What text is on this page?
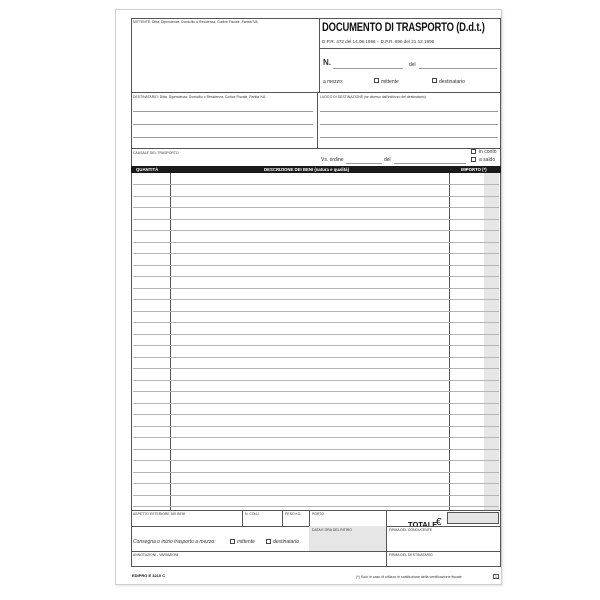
MITTENTE: Ditta, Dipendenza, Domicilio o Residenza, Codice Fiscale, Partita IVA	DOCUMENTO DI TRASPORTO (D.d.t.)
D.P.R. 472 del 14.08.1996 – D.P.R. 696 del 21.12.1996
N.	del
a mezzo:	mittente	destinatario
DESTINATARIO: Ditta, Dipendenza, Domicilio o Residenza, Codice Fiscale, Partita IVA	LUOGO DI DESTINAZIONE (se diverso dall'indirizzo del destinatario)
CAUSALE DEL TRASPORTO
Vs. ordine	del
in conto
a saldo
QUANTITÀ	DESCRIZIONE DEI BENI (natura e qualità)	IMPORTO (*)
ASPETTO ESTERIORE DEI BENI	N. COLLI	PESO KG.	PORTO
TOTALE
€
DATA E ORA DEL RITIRO	FIRMA DEL CONDUCENTE
Consegna o inizio trasporto a mezzo:	mittente	destinatario
ANNOTAZIONI - VARIAZIONI	FIRMA DEL DESTINATARIO
EDIPRO E 3210 C	(*) Solo in caso di utilizzo in sostituzione della certificazione fiscale	1
